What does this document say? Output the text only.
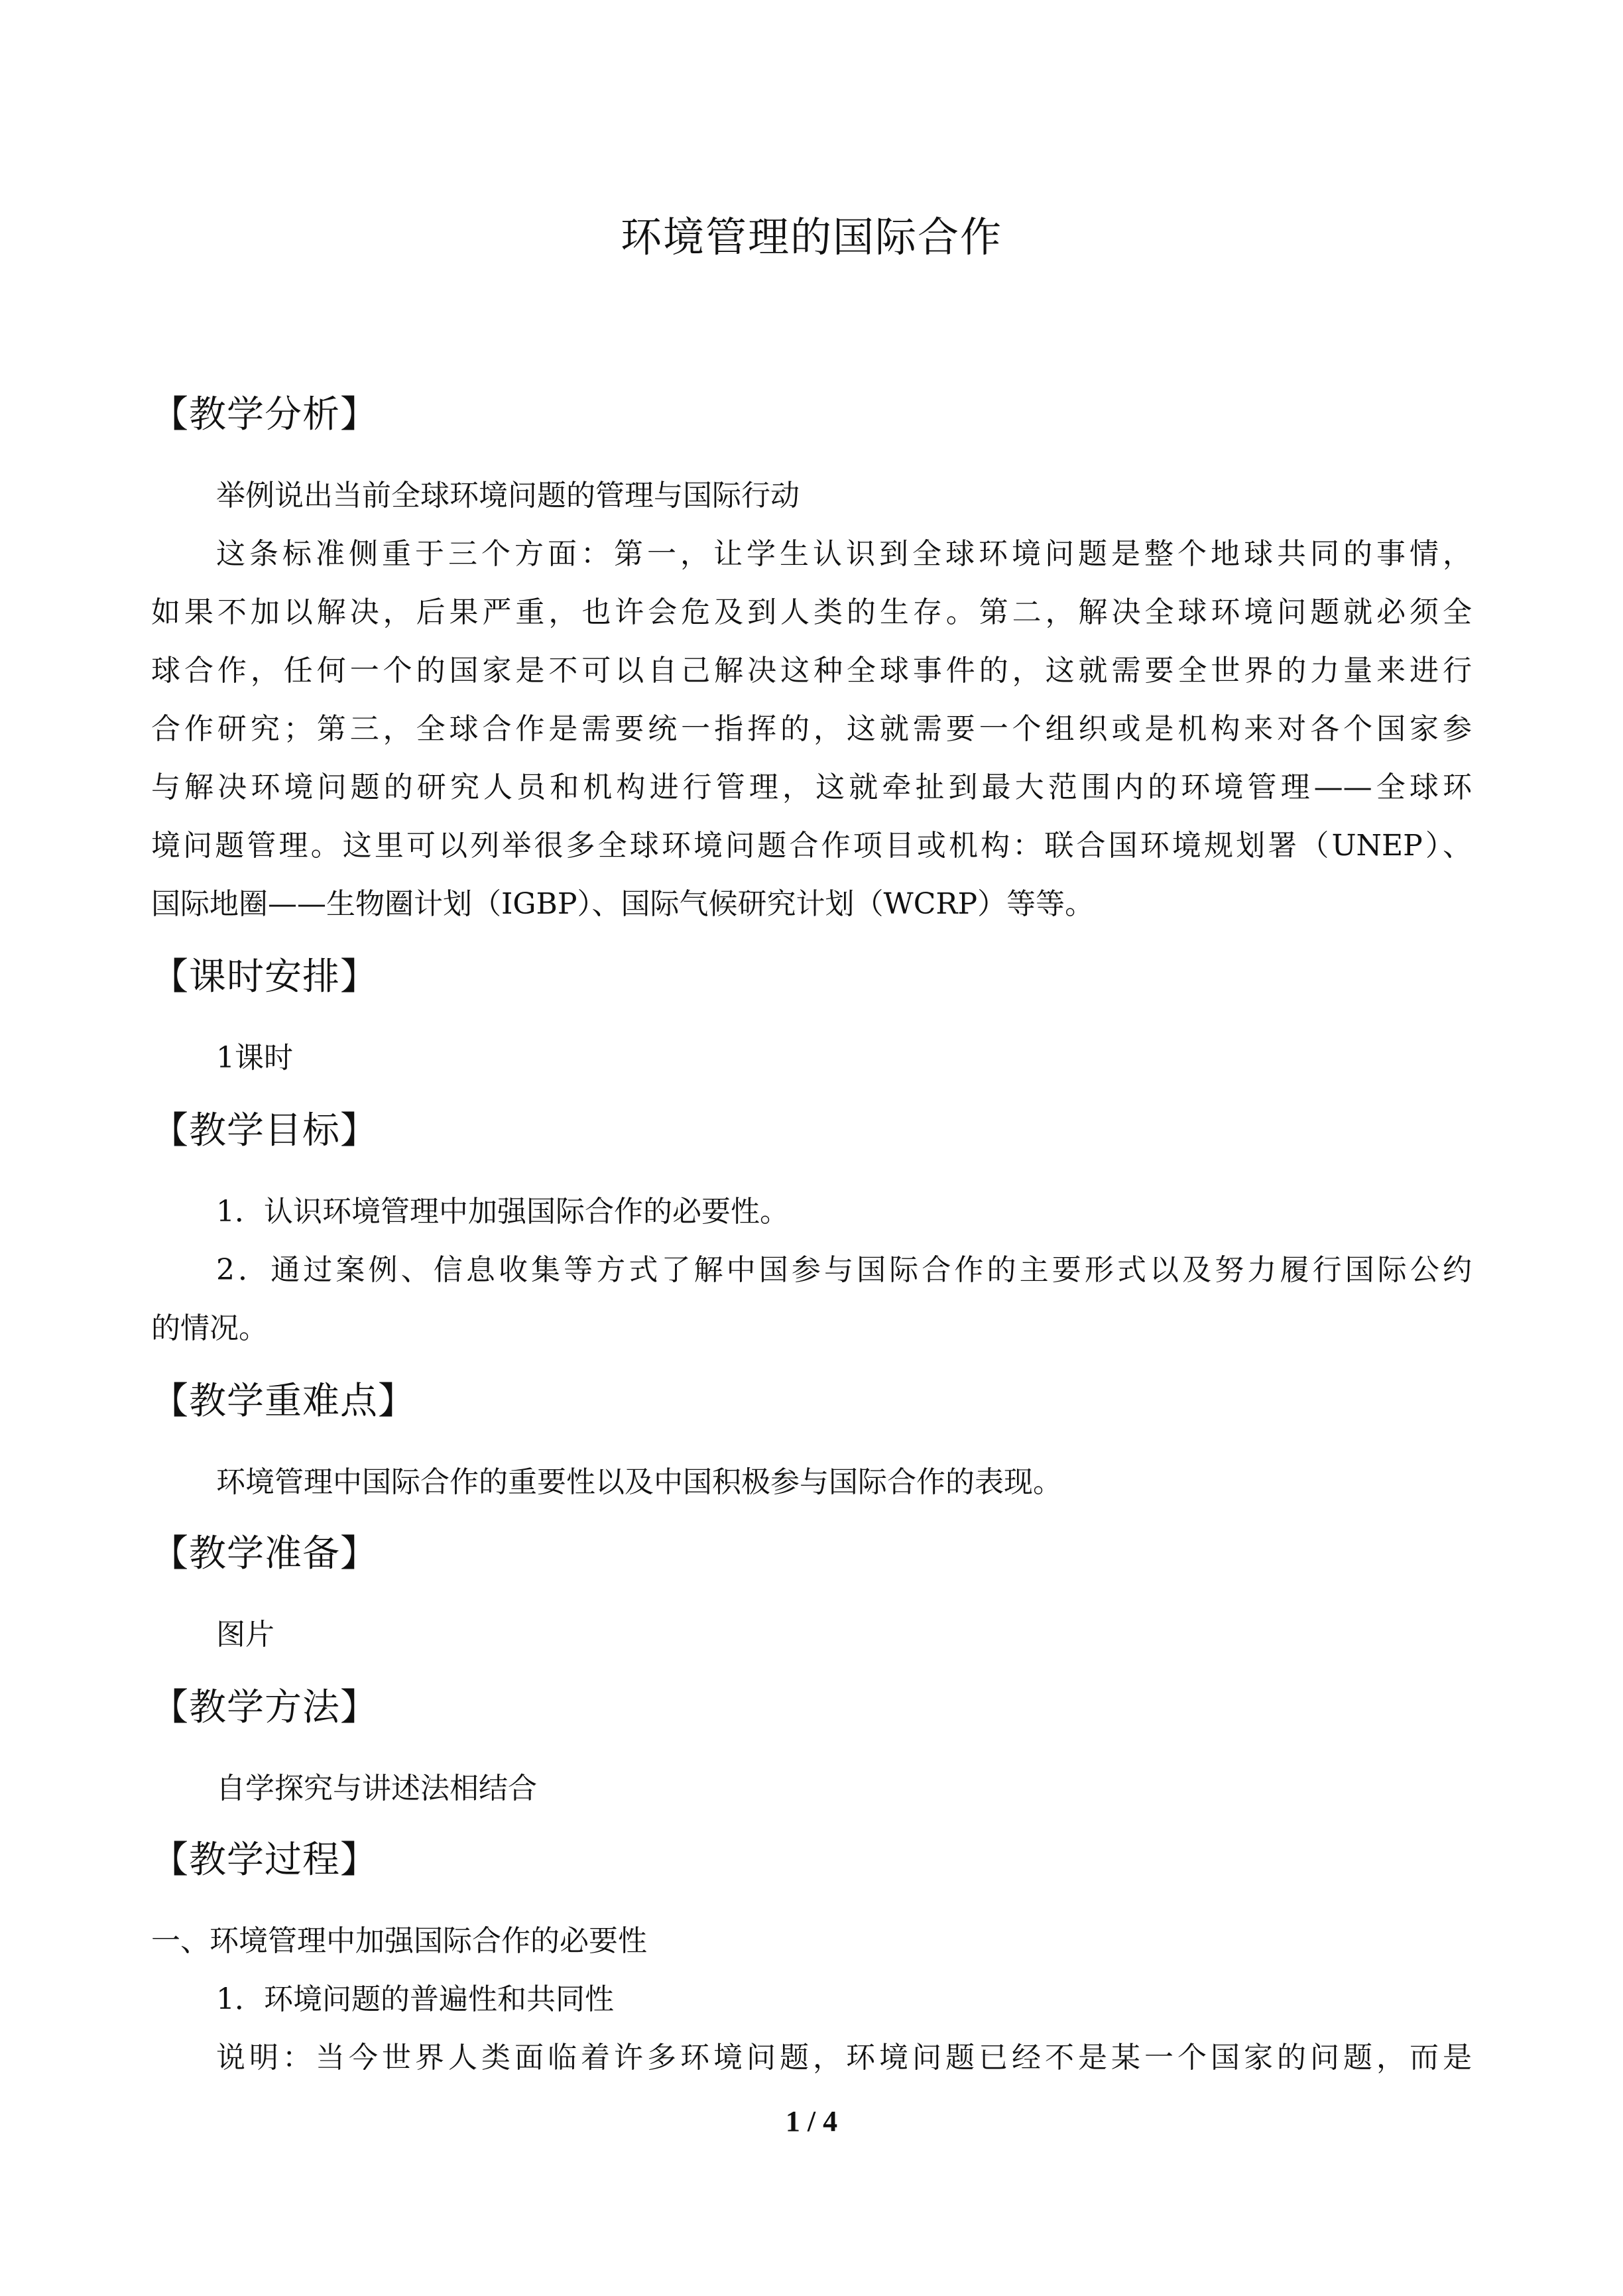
环境管理的国际合作
【教学分析】
举例说出当前全球环境问题的管理与国际行动
这条标准侧重于三个方面：第一，让学生认识到全球环境问题是整个地球共同的事情，
如果不加以解决，后果严重，也许会危及到人类的生存。第二，解决全球环境问题就必须全
球合作，任何一个的国家是不可以自己解决这种全球事件的，这就需要全世界的力量来进行
合作研究；第三，全球合作是需要统一指挥的，这就需要一个组织或是机构来对各个国家参
与解决环境问题的研究人员和机构进行管理，这就牵扯到最大范围内的环境管理——全球环
境问题管理。这里可以列举很多全球环境问题合作项目或机构：联合国环境规划署（UNEP）、
国际地圈——生物圈计划（IGBP）、国际气候研究计划（WCRP）等等。
【课时安排】
1课时
【教学目标】
1．认识环境管理中加强国际合作的必要性。
2．通过案例、信息收集等方式了解中国参与国际合作的主要形式以及努力履行国际公约
的情况。
【教学重难点】
环境管理中国际合作的重要性以及中国积极参与国际合作的表现。
【教学准备】
图片
【教学方法】
自学探究与讲述法相结合
【教学过程】
一、环境管理中加强国际合作的必要性
1．环境问题的普遍性和共同性
说明：当今世界人类面临着许多环境问题，环境问题已经不是某一个国家的问题，而是
1 / 4
